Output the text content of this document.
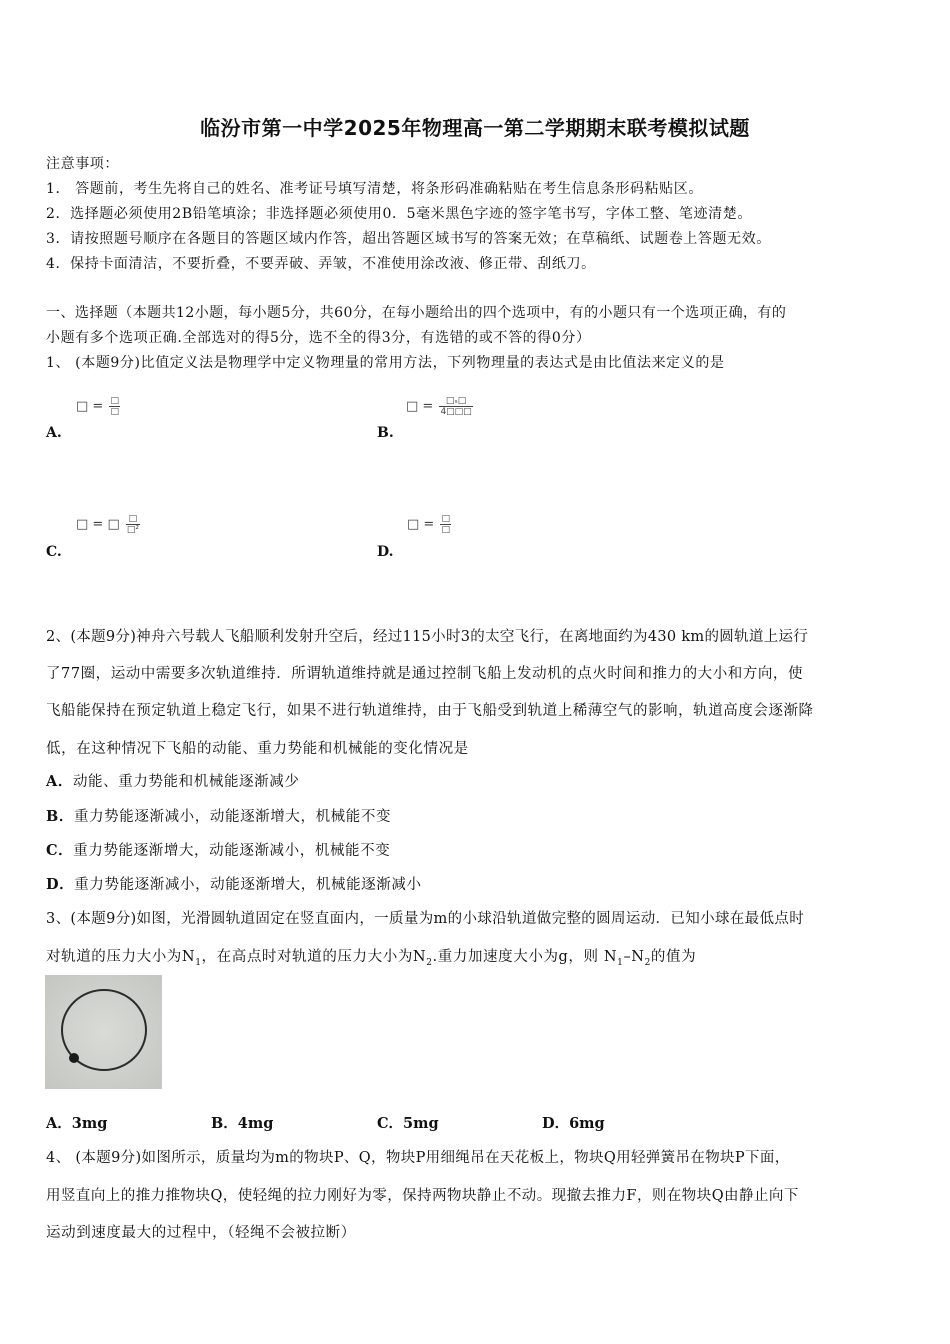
临汾市第一中学2025年物理高一第二学期期末联考模拟试题
注意事项：
1． 答题前，考生先将自己的姓名、准考证号填写清楚，将条形码准确粘贴在考生信息条形码粘贴区。
2．选择题必须使用2B铅笔填涂；非选择题必须使用0．5毫米黑色字迹的签字笔书写，字体工整、笔迹清楚。
3．请按照题号顺序在各题目的答题区域内作答，超出答题区域书写的答案无效；在草稿纸、试题卷上答题无效。
4．保持卡面清洁，不要折叠，不要弄破、弄皱，不准使用涂改液、修正带、刮纸刀。
一、选择题（本题共12小题，每小题5分，共60分，在每小题给出的四个选项中，有的小题只有一个选项正确，有的
小题有多个选项正确.全部选对的得5分，选不全的得3分，有选错的或不答的得0分）
1、 (本题9分)比值定义法是物理学中定义物理量的常用方法，下列物理量的表达式是由比值法来定义的是
□ = $\frac{□}{□}$
A.
□ = $\frac{\text{□ₛ□}}{4□□□}$
B.
□ = □ $\frac{□}{\text{□²}}$
C.
□ = $\frac{□}{□}$
D.
2、(本题9分)神舟六号载人飞船顺利发射升空后，经过115小时3的太空飞行，在离地面约为430 km的圆轨道上运行
了77圈，运动中需要多次轨道维持．所谓轨道维持就是通过控制飞船上发动机的点火时间和推力的大小和方向，使
飞船能保持在预定轨道上稳定飞行，如果不进行轨道维持，由于飞船受到轨道上稀薄空气的影响，轨道高度会逐渐降
低，在这种情况下飞船的动能、重力势能和机械能的变化情况是
A．动能、重力势能和机械能逐渐减少
B．重力势能逐渐减小，动能逐渐增大，机械能不变
C．重力势能逐渐增大，动能逐渐减小，机械能不变
D．重力势能逐渐减小，动能逐渐增大，机械能逐渐减小
3、(本题9分)如图，光滑圆轨道固定在竖直面内，一质量为m的小球沿轨道做完整的圆周运动．已知小球在最低点时
对轨道的压力大小为$N_1$，在高点时对轨道的压力大小为$N_2$.重力加速度大小为g，则 $N_1-N_2$的值为
A．3mg	B．4mg	C．5mg	D．6mg
4、 (本题9分)如图所示，质量均为m的物块P、Q，物块P用细绳吊在天花板上，物块Q用轻弹簧吊在物块P下面，
用竖直向上的推力推物块Q，使轻绳的拉力刚好为零，保持两物块静止不动。现撤去推力F，则在物块Q由静止向下
运动到速度最大的过程中，（轻绳不会被拉断）
